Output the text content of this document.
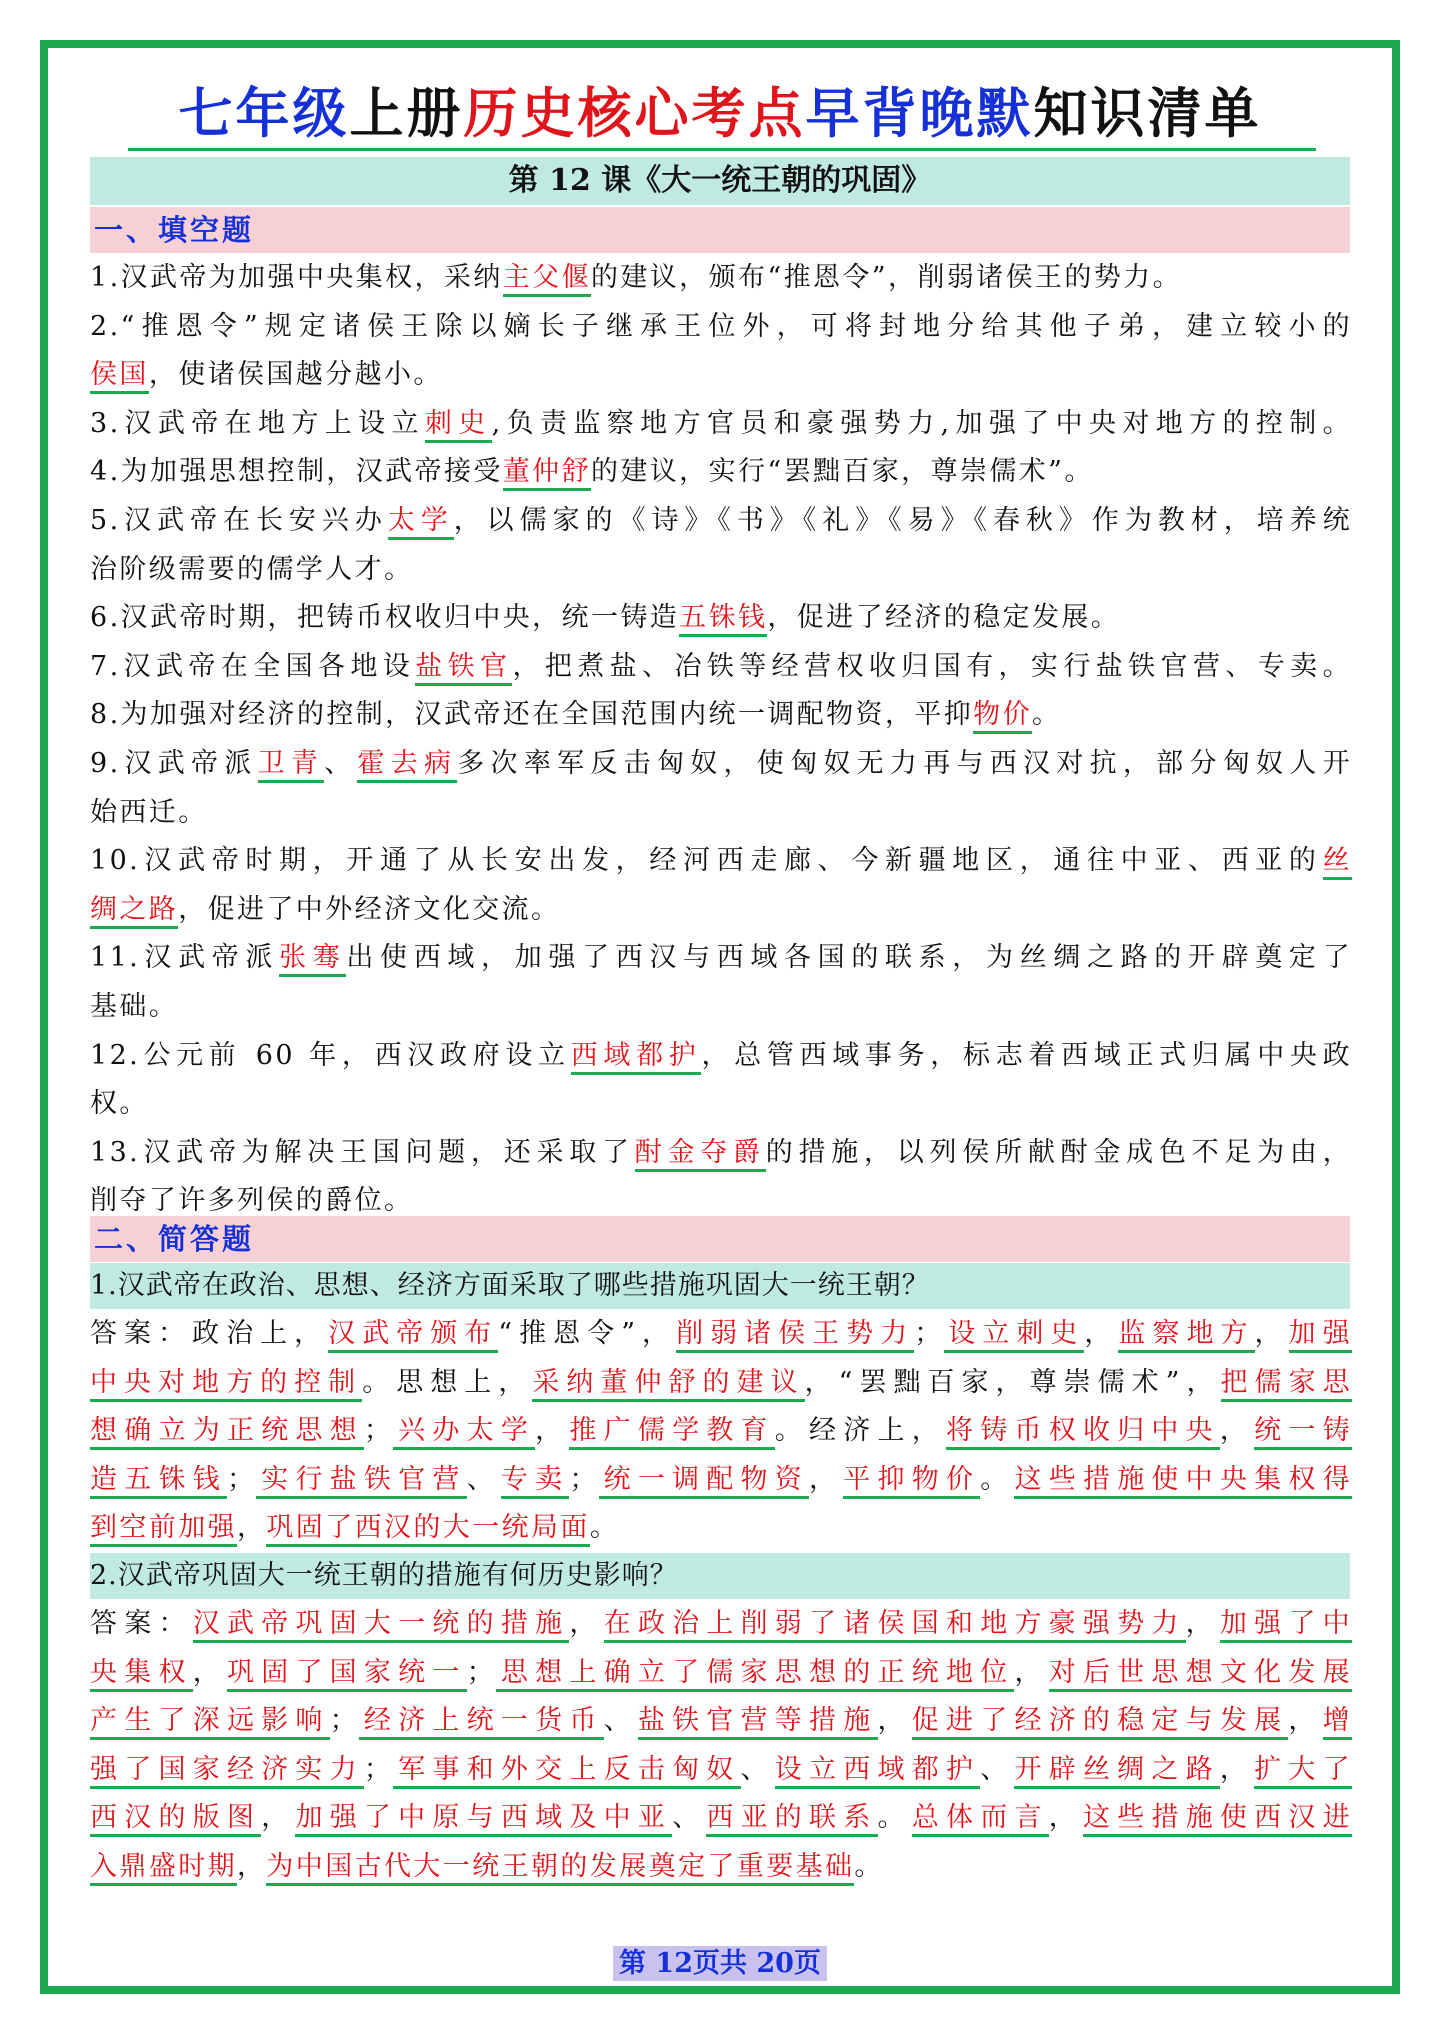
七年级上册历史核心考点早背晚默知识清单
第 12 课《大一统王朝的巩固》
一、填空题
1.汉武帝为加强中央集权，采纳主父偃的建议，颁布“推恩令”，削弱诸侯王的势力。
2.“推恩令”规定诸侯王除以嫡长子继承王位外，可将封地分给其他子弟，建立较小的
侯国，使诸侯国越分越小。
3.汉武帝在地方上设立刺史,负责监察地方官员和豪强势力,加强了中央对地方的控制。
4.为加强思想控制，汉武帝接受董仲舒的建议，实行“罢黜百家，尊崇儒术”。
5.汉武帝在长安兴办太学，以儒家的《诗》《书》《礼》《易》《春秋》作为教材，培养统
治阶级需要的儒学人才。
6.汉武帝时期，把铸币权收归中央，统一铸造五铢钱，促进了经济的稳定发展。
7.汉武帝在全国各地设盐铁官，把煮盐、冶铁等经营权收归国有，实行盐铁官营、专卖。
8.为加强对经济的控制，汉武帝还在全国范围内统一调配物资，平抑物价。
9.汉武帝派卫青、霍去病多次率军反击匈奴，使匈奴无力再与西汉对抗，部分匈奴人开
始西迁。
10.汉武帝时期，开通了从长安出发，经河西走廊、今新疆地区，通往中亚、西亚的丝
绸之路，促进了中外经济文化交流。
11.汉武帝派张骞出使西域，加强了西汉与西域各国的联系，为丝绸之路的开辟奠定了
基础。
12.公元前 60 年，西汉政府设立西域都护，总管西域事务，标志着西域正式归属中央政
权。
13.汉武帝为解决王国问题，还采取了酎金夺爵的措施，以列侯所献酎金成色不足为由，
削夺了许多列侯的爵位。
二、简答题
1.汉武帝在政治、思想、经济方面采取了哪些措施巩固大一统王朝？
答案：政治上，汉武帝颁布“推恩令”，削弱诸侯王势力；设立刺史，监察地方，加强
中央对地方的控制。思想上，采纳董仲舒的建议，“罢黜百家，尊崇儒术”，把儒家思
想确立为正统思想；兴办太学，推广儒学教育。经济上，将铸币权收归中央，统一铸
造五铢钱；实行盐铁官营、专卖；统一调配物资，平抑物价。这些措施使中央集权得
到空前加强，巩固了西汉的大一统局面。
2.汉武帝巩固大一统王朝的措施有何历史影响？
答案：汉武帝巩固大一统的措施，在政治上削弱了诸侯国和地方豪强势力，加强了中
央集权，巩固了国家统一；思想上确立了儒家思想的正统地位，对后世思想文化发展
产生了深远影响；经济上统一货币、盐铁官营等措施，促进了经济的稳定与发展，增
强了国家经济实力；军事和外交上反击匈奴、设立西域都护、开辟丝绸之路，扩大了
西汉的版图，加强了中原与西域及中亚、西亚的联系。总体而言，这些措施使西汉进
入鼎盛时期，为中国古代大一统王朝的发展奠定了重要基础。
第 12页共 20页
